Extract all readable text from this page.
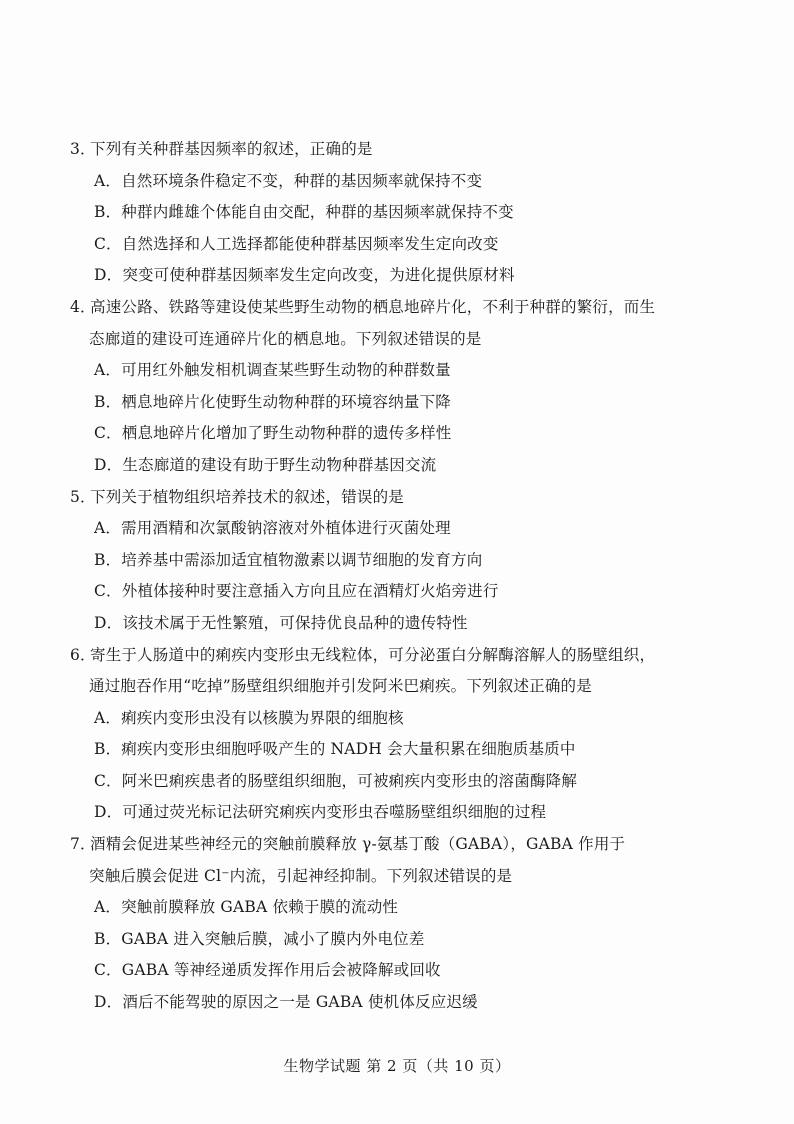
3．下列有关种群基因频率的叙述，正确的是
A．自然环境条件稳定不变，种群的基因频率就保持不变
B．种群内雌雄个体能自由交配，种群的基因频率就保持不变
C．自然选择和人工选择都能使种群基因频率发生定向改变
D．突变可使种群基因频率发生定向改变，为进化提供原材料
4．高速公路、铁路等建设使某些野生动物的栖息地碎片化，不利于种群的繁衍，而生
态廊道的建设可连通碎片化的栖息地。下列叙述错误的是
A．可用红外触发相机调查某些野生动物的种群数量
B．栖息地碎片化使野生动物种群的环境容纳量下降
C．栖息地碎片化增加了野生动物种群的遗传多样性
D．生态廊道的建设有助于野生动物种群基因交流
5．下列关于植物组织培养技术的叙述，错误的是
A．需用酒精和次氯酸钠溶液对外植体进行灭菌处理
B．培养基中需添加适宜植物激素以调节细胞的发育方向
C．外植体接种时要注意插入方向且应在酒精灯火焰旁进行
D．该技术属于无性繁殖，可保持优良品种的遗传特性
6．寄生于人肠道中的痢疾内变形虫无线粒体，可分泌蛋白分解酶溶解人的肠壁组织，
通过胞吞作用“吃掉”肠壁组织细胞并引发阿米巴痢疾。下列叙述正确的是
A．痢疾内变形虫没有以核膜为界限的细胞核
B．痢疾内变形虫细胞呼吸产生的 NADH 会大量积累在细胞质基质中
C．阿米巴痢疾患者的肠壁组织细胞，可被痢疾内变形虫的溶菌酶降解
D．可通过荧光标记法研究痢疾内变形虫吞噬肠壁组织细胞的过程
7．酒精会促进某些神经元的突触前膜释放 γ-氨基丁酸（GABA），GABA 作用于
突触后膜会促进 Cl⁻内流，引起神经抑制。下列叙述错误的是
A．突触前膜释放 GABA 依赖于膜的流动性
B．GABA 进入突触后膜，减小了膜内外电位差
C．GABA 等神经递质发挥作用后会被降解或回收
D．酒后不能驾驶的原因之一是 GABA 使机体反应迟缓
生物学试题 第 2 页（共 10 页）
